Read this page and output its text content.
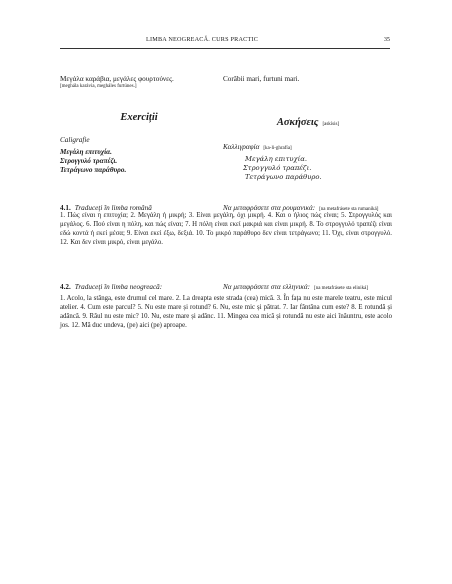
LIMBA NEOGREACĂ. CURS PRACTIC	35
Μεγάλα καράβια, μεγάλες φουρτούνες.
[meghála karávia, megháles furtúnes.]
Corăbii mari, furtuni mari.
Exerciții	Ασκήσεις [askísis]
Caligrafie
Μεγάλη επιτυχία.
Στρογγυλό τραπέζι.
Τετράγωνο παράθυρο.
Καλλιγραφία [ka-li-ghrafía]
Μεγάλη επιτυχία.
Στρογγυλό τραπέζι.
Τετράγωνο παράθυρο.
4.1. Traduceți în limba română	Να μεταφράσετε στα ρουμανικά: [na metafrásete sta rumaniká]
1. Πώς είναι η επιτυχία; 2. Μεγάλη ή μικρή; 3. Είναι μεγάλη, όχι μικρή. 4. Και ο ήλιος πώς είναι; 5. Στρογγυλός και μεγάλος. 6. Πού είναι η πόλη, και πώς είναι; 7. Η πόλη είναι εκεί μακριά και είναι μικρή. 8. Το στρογγυλό τραπέζι είναι εδώ κοντά ή εκεί μέσα; 9. Είναι εκεί έξω, δεξιά. 10. Το μικρό παράθυρο δεν είναι τετράγωνο; 11. Όχι, είναι στρογγυλό. 12. Και δεν είναι μικρό, είναι μεγάλο.
4.2. Traduceți în limba neogreacă:	Να μεταφράσετε στα ελληνικά: [na metafrásete sta eliniká]
1. Acolo, la stânga, este drumul cel mare. 2. La dreapta este strada (cea) mică. 3. În fața nu este marele teatru, este micul atelier. 4. Cum este parcul? 5. Nu este mare și rotund? 6. Nu, este mic și pătrat. 7. Iar fântâna cum este? 8. E rotundă și adâncă. 9. Râul nu este mic? 10. Nu, este mare și adânc. 11. Mingea cea mică și rotundă nu este aici înăuntru, este acolo jos. 12. Mă duc undeva, (pe) aici (pe) aproape.
